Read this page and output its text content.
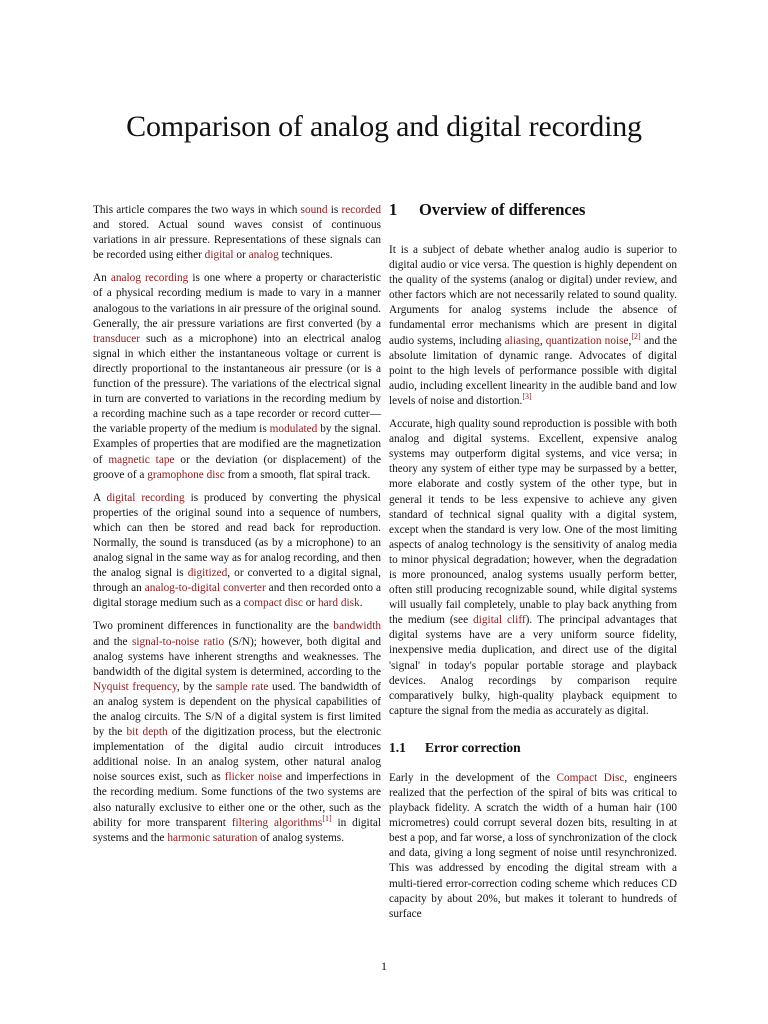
Comparison of analog and digital recording

This article compares the two ways in which sound is recorded and stored. Actual sound waves consist of continuous variations in air pressure. Representations of these signals can be recorded using either digital or analog techniques.

An analog recording is one where a property or characteristic of a physical recording medium is made to vary in a manner analogous to the variations in air pressure of the original sound. Generally, the air pressure variations are first converted (by a transducer such as a microphone) into an electrical analog signal in which either the instantaneous voltage or current is directly proportional to the instantaneous air pressure (or is a function of the pressure). The variations of the electrical signal in turn are converted to variations in the recording medium by a recording machine such as a tape recorder or record cutter—the variable property of the medium is modulated by the signal. Examples of properties that are modified are the magnetization of magnetic tape or the deviation (or displacement) of the groove of a gramophone disc from a smooth, flat spiral track.

A digital recording is produced by converting the physical properties of the original sound into a sequence of numbers, which can then be stored and read back for reproduction. Normally, the sound is transduced (as by a microphone) to an analog signal in the same way as for analog recording, and then the analog signal is digitized, or converted to a digital signal, through an analog-to-digital converter and then recorded onto a digital storage medium such as a compact disc or hard disk.

Two prominent differences in functionality are the bandwidth and the signal-to-noise ratio (S/N); however, both digital and analog systems have inherent strengths and weaknesses. The bandwidth of the digital system is determined, according to the Nyquist frequency, by the sample rate used. The bandwidth of an analog system is dependent on the physical capabilities of the analog circuits. The S/N of a digital system is first limited by the bit depth of the digitization process, but the electronic implementation of the digital audio circuit introduces additional noise. In an analog system, other natural analog noise sources exist, such as flicker noise and imperfections in the recording medium. Some functions of the two systems are also naturally exclusive to either one or the other, such as the ability for more transparent filtering algorithms[1] in digital systems and the harmonic saturation of analog systems.

1	Overview of differences

It is a subject of debate whether analog audio is superior to digital audio or vice versa. The question is highly dependent on the quality of the systems (analog or digital) under review, and other factors which are not necessarily related to sound quality. Arguments for analog systems include the absence of fundamental error mechanisms which are present in digital audio systems, including aliasing, quantization noise,[2] and the absolute limitation of dynamic range. Advocates of digital point to the high levels of performance possible with digital audio, including excellent linearity in the audible band and low levels of noise and distortion.[3]

Accurate, high quality sound reproduction is possible with both analog and digital systems. Excellent, expensive analog systems may outperform digital systems, and vice versa; in theory any system of either type may be surpassed by a better, more elaborate and costly system of the other type, but in general it tends to be less expensive to achieve any given standard of technical signal quality with a digital system, except when the standard is very low. One of the most limiting aspects of analog technology is the sensitivity of analog media to minor physical degradation; however, when the degradation is more pronounced, analog systems usually perform better, often still producing recognizable sound, while digital systems will usually fail completely, unable to play back anything from the medium (see digital cliff). The principal advantages that digital systems have are a very uniform source fidelity, inexpensive media duplication, and direct use of the digital 'signal' in today's popular portable storage and playback devices. Analog recordings by comparison require comparatively bulky, high-quality playback equipment to capture the signal from the media as accurately as digital.

1.1	Error correction

Early in the development of the Compact Disc, engineers realized that the perfection of the spiral of bits was critical to playback fidelity. A scratch the width of a human hair (100 micrometres) could corrupt several dozen bits, resulting in at best a pop, and far worse, a loss of synchronization of the clock and data, giving a long segment of noise until resynchronized. This was addressed by encoding the digital stream with a multi-tiered error-correction coding scheme which reduces CD capacity by about 20%, but makes it tolerant to hundreds of surface

1
